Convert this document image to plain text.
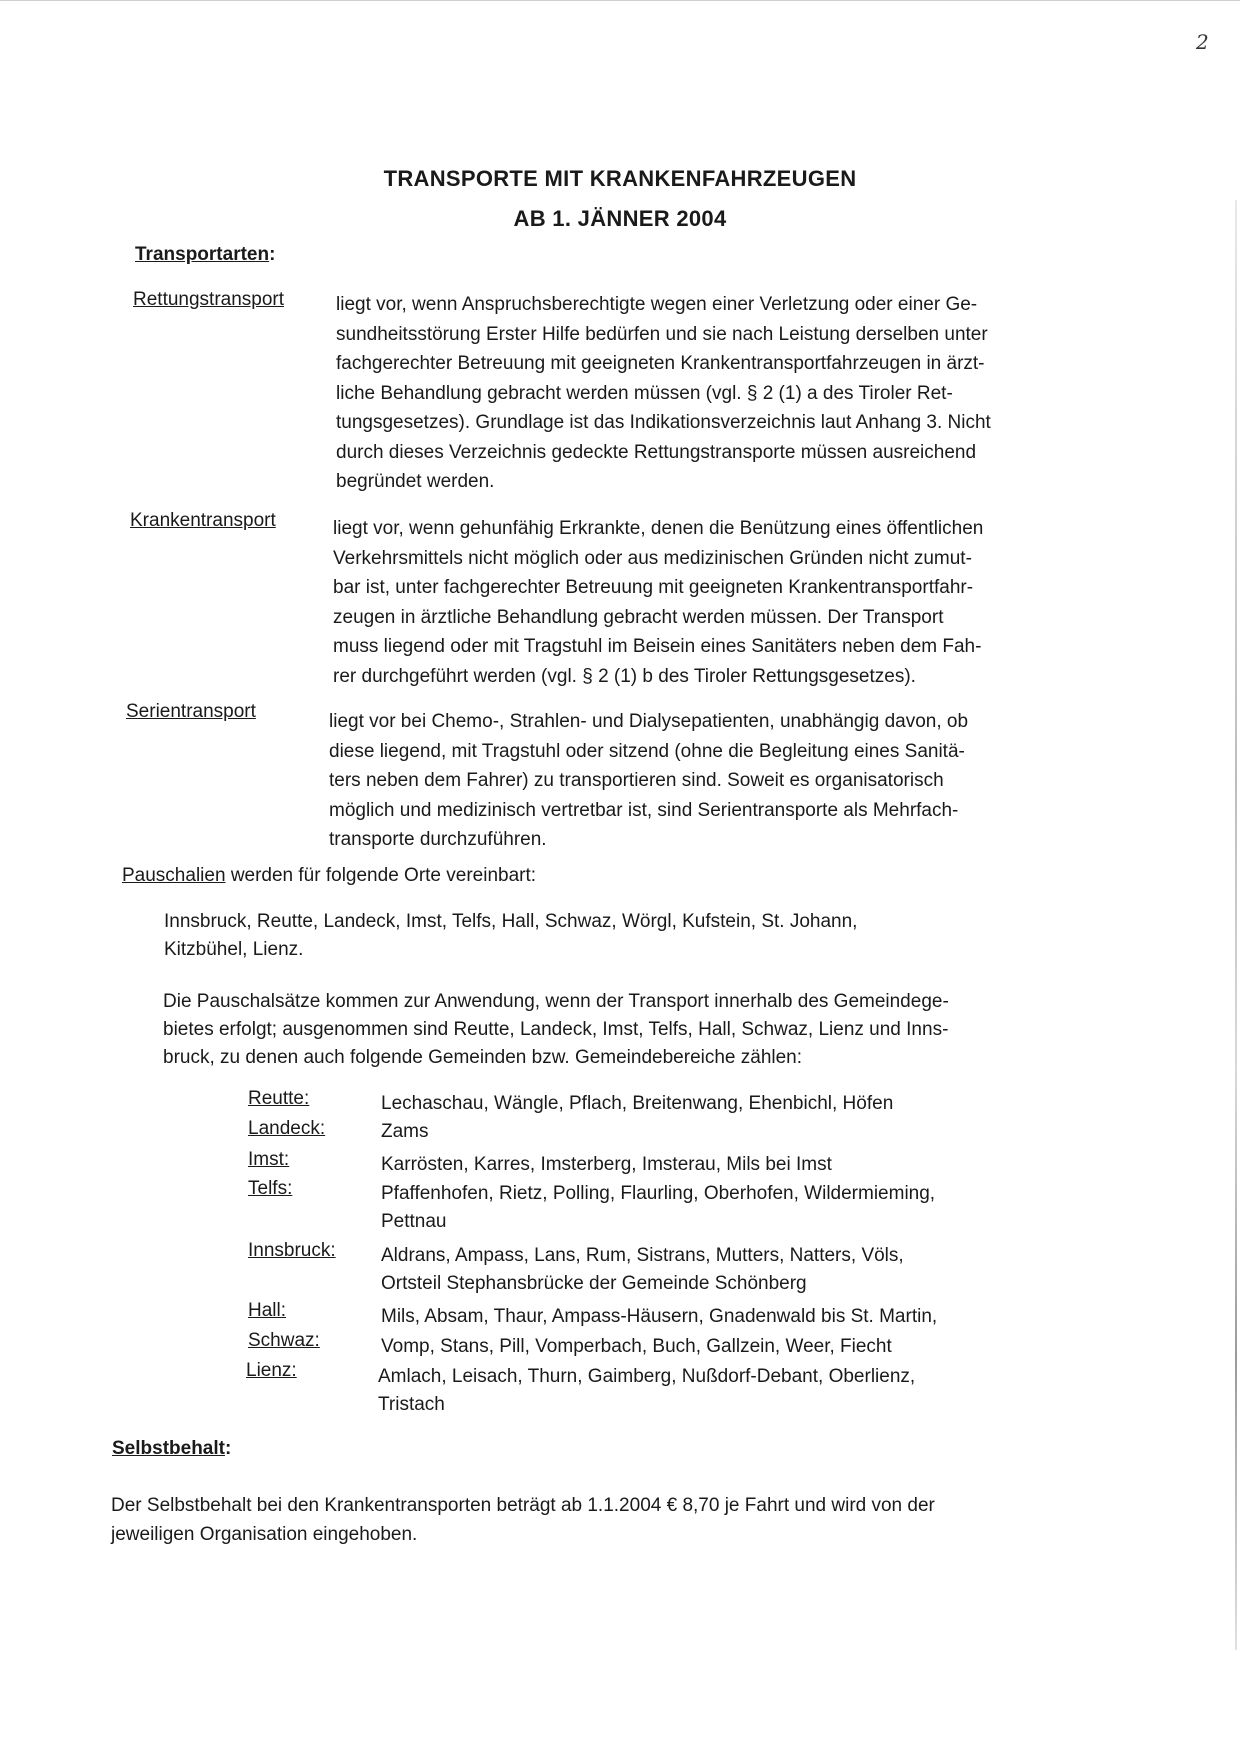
2
TRANSPORTE MIT KRANKENFAHRZEUGEN
AB 1. JÄNNER 2004
Transportarten:
Rettungstransport	liegt vor, wenn Anspruchsberechtigte wegen einer Verletzung oder einer Ge-
sundheitsstörung Erster Hilfe bedürfen und sie nach Leistung derselben unter
fachgerechter Betreuung mit geeigneten Krankentransportfahrzeugen in ärzt-
liche Behandlung gebracht werden müssen (vgl. § 2 (1) a des Tiroler Ret-
tungsgesetzes). Grundlage ist das Indikationsverzeichnis laut Anhang 3. Nicht
durch dieses Verzeichnis gedeckte Rettungstransporte müssen ausreichend
begründet werden.
Krankentransport	liegt vor, wenn gehunfähig Erkrankte, denen die Benützung eines öffentlichen
Verkehrsmittels nicht möglich oder aus medizinischen Gründen nicht zumut-
bar ist, unter fachgerechter Betreuung mit geeigneten Krankentransportfahr-
zeugen in ärztliche Behandlung gebracht werden müssen. Der Transport
muss liegend oder mit Tragstuhl im Beisein eines Sanitäters neben dem Fah-
rer durchgeführt werden (vgl. § 2 (1) b des Tiroler Rettungsgesetzes).
Serientransport	liegt vor bei Chemo-, Strahlen- und Dialysepatienten, unabhängig davon, ob
diese liegend, mit Tragstuhl oder sitzend (ohne die Begleitung eines Sanitä-
ters neben dem Fahrer) zu transportieren sind. Soweit es organisatorisch
möglich und medizinisch vertretbar ist, sind Serientransporte als Mehrfach-
transporte durchzuführen.
Pauschalien werden für folgende Orte vereinbart:
Innsbruck, Reutte, Landeck, Imst, Telfs, Hall, Schwaz, Wörgl, Kufstein, St. Johann,
Kitzbühel, Lienz.
Die Pauschalsätze kommen zur Anwendung, wenn der Transport innerhalb des Gemeindege-
bietes erfolgt; ausgenommen sind Reutte, Landeck, Imst, Telfs, Hall, Schwaz, Lienz und Inns-
bruck, zu denen auch folgende Gemeinden bzw. Gemeindebereiche zählen:
Reutte:	Lechaschau, Wängle, Pflach, Breitenwang, Ehenbichl, Höfen
Landeck:	Zams
Imst:	Karrösten, Karres, Imsterberg, Imsterau, Mils bei Imst
Telfs:	Pfaffenhofen, Rietz, Polling, Flaurling, Oberhofen, Wildermieming,
Pettnau
Innsbruck: Aldrans, Ampass, Lans, Rum, Sistrans, Mutters, Natters, Völs,
Ortsteil Stephansbrücke der Gemeinde Schönberg
Hall:	Mils, Absam, Thaur, Ampass-Häusern, Gnadenwald bis St. Martin,
Schwaz:	Vomp, Stans, Pill, Vomperbach, Buch, Gallzein, Weer, Fiecht
Lienz:	Amlach, Leisach, Thurn, Gaimberg, Nußdorf-Debant, Oberlienz,
Tristach
Selbstbehalt:
Der Selbstbehalt bei den Krankentransporten beträgt ab 1.1.2004 € 8,70 je Fahrt und wird von der
jeweiligen Organisation eingehoben.
